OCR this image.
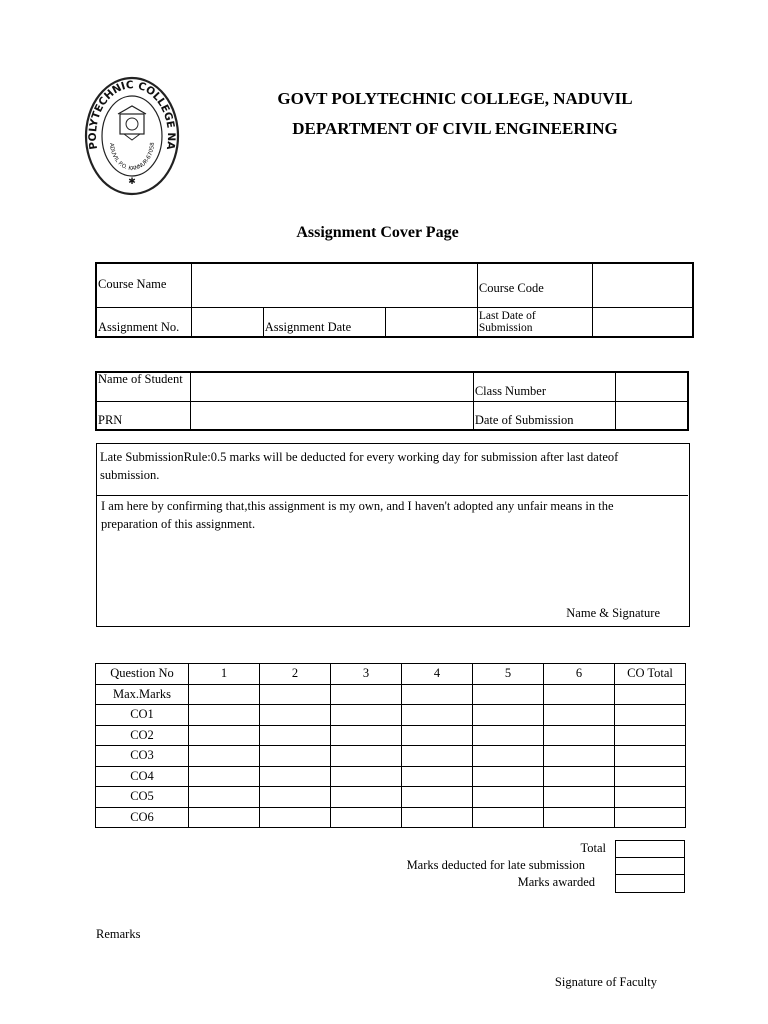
POLYTECHNIC COLLEGE NA
ADUVIL P.O. KANNUR-67058
✱
GOVT POLYTECHNIC COLLEGE, NADUVIL
DEPARTMENT OF CIVIL ENGINEERING
Assignment Cover Page
Course Name				Course Code	
Assignment No.		Assignment Date		Last Date of Submission	
Name of Student		Class Number	
PRN		Date of Submission	
Late SubmissionRule:0.5 marks will be deducted for every working day for submission after last dateof submission.
I am here by confirming that,this assignment is my own, and I haven't adopted any unfair means in the preparation of this assignment.
Name & Signature
Question No	1	2	3	4	5	6	CO Total
Max.Marks							
CO1							
CO2							
CO3							
CO4							
CO5							
CO6							
Total
Marks deducted for late submission
Marks awarded
Remarks
Signature of Faculty
